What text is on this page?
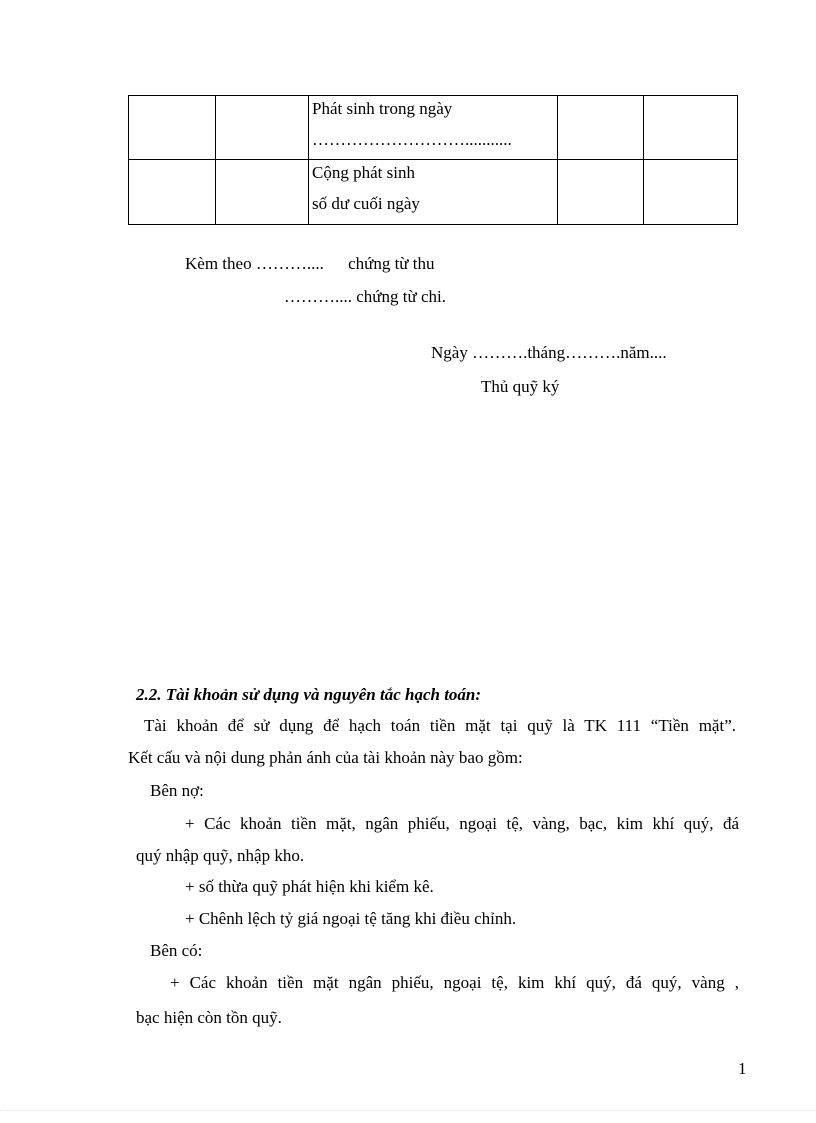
		Phát sinh trong ngày
………………………...........		

		Cộng phát sinh
số dư cuối ngày		

Kèm theo ……….... chứng từ thu
……….... chứng từ chi.
Ngày ……….tháng……….năm....
Thủ quỹ ký
2.2. Tài khoản sử dụng và nguyên tắc hạch toán:
Tài khoản để sử dụng để hạch toán tiền mặt tại quỹ là TK 111 “Tiền mặt”.
Kết cấu và nội dung phản ánh của tài khoản này bao gồm:
Bên nợ:
+ Các khoản tiền mặt, ngân phiếu, ngoại tệ, vàng, bạc, kim khí quý, đá
quý nhập quỹ, nhập kho.
+ số thừa quỹ phát hiện khi kiểm kê.
+ Chênh lệch tỷ giá ngoại tệ tăng khi điều chỉnh.
Bên có:
+ Các khoản tiền mặt ngân phiếu, ngoại tệ, kim khí quý, đá quý, vàng ,
bạc hiện còn tồn quỹ.
1
